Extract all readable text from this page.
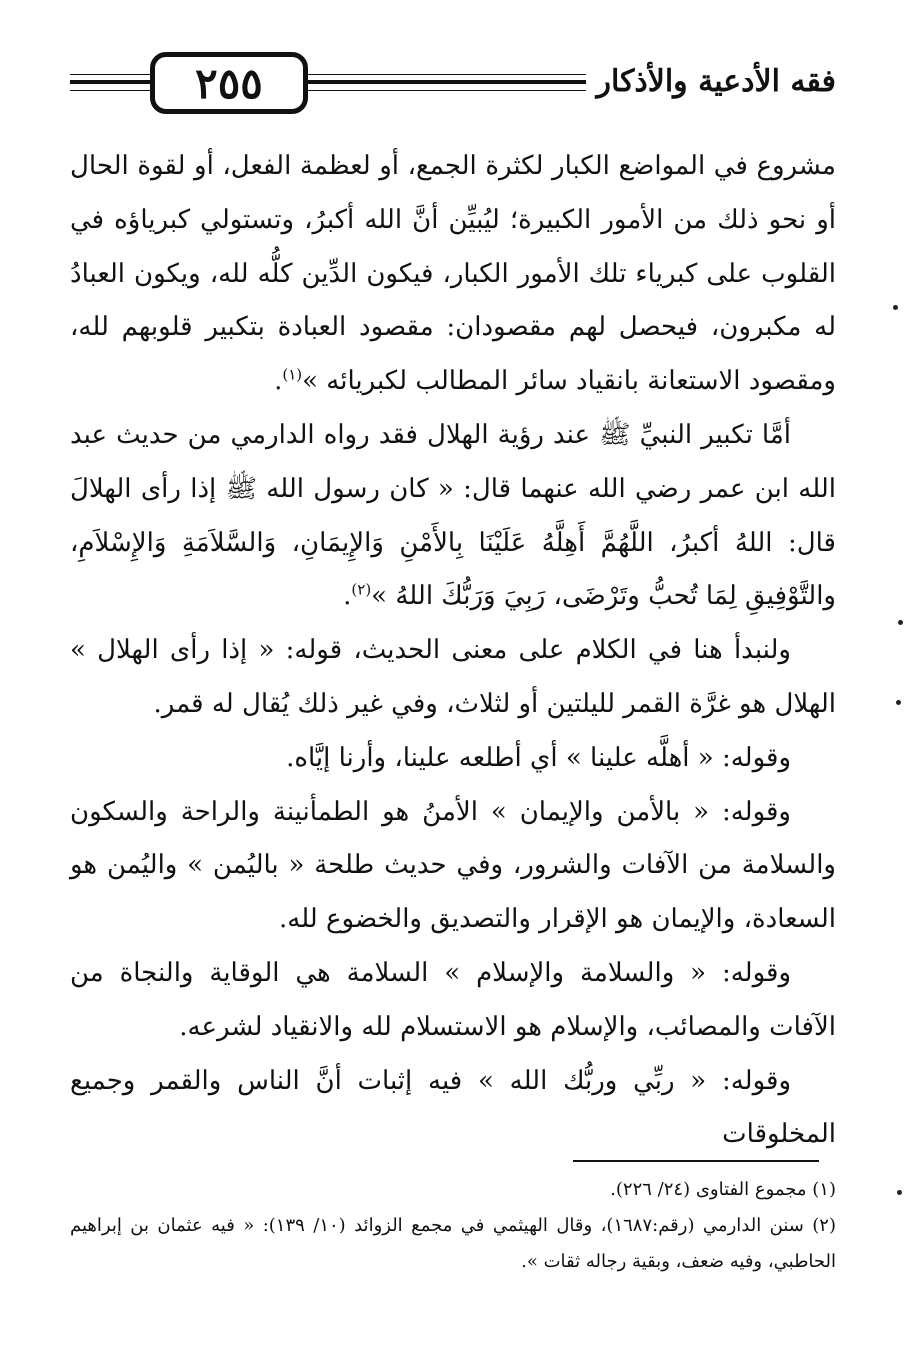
٢٥٥	فقه الأدعية والأذكار

مشروع في المواضع الكبار لكثرة الجمع، أو لعظمة الفعل، أو لقوة الحال أو نحو ذلك من الأمور الكبيرة؛ ليُبيِّن أنَّ الله أكبرُ، وتستولي كبرياؤه في القلوب على كبرياء تلك الأمور الكبار، فيكون الدِّين كلُّه لله، ويكون العبادُ له مكبرون، فيحصل لهم مقصودان: مقصود العبادة بتكبير قلوبهم لله، ومقصود الاستعانة بانقياد سائر المطالب لكبريائه »$^{(١)}$.

أمَّا تكبير النبيِّ ﷺ عند رؤية الهلال فقد رواه الدارمي من حديث عبد الله ابن عمر رضي الله عنهما قال: « كان رسول الله ﷺ إذا رأى الهلالَ قال: اللهُ أكبرُ، اللَّهُمَّ أَهِلَّهُ عَلَيْنَا بِالأَمْنِ وَالإِيمَانِ، وَالسَّلاَمَةِ وَالإِسْلاَمِ، والتَّوْفِيقِ لِمَا تُحبُّ وتَرْضَى، رَبِيَ وَرَبُّكَ اللهُ »$^{(٢)}$.

ولنبدأ هنا في الكلام على معنى الحديث، قوله: « إذا رأى الهلال » الهلال هو غرَّة القمر لليلتين أو لثلاث، وفي غير ذلك يُقال له قمر.

وقوله: « أهلَّه علينا » أي أطلعه علينا، وأرنا إيَّاه.

وقوله: « بالأمن والإيمان » الأمنُ هو الطمأنينة والراحة والسكون والسلامة من الآفات والشرور، وفي حديث طلحة « باليُمن » واليُمن هو السعادة، والإيمان هو الإقرار والتصديق والخضوع لله.

وقوله: « والسلامة والإسلام » السلامة هي الوقاية والنجاة من الآفات والمصائب، والإسلام هو الاستسلام لله والانقياد لشرعه.

وقوله: « ربِّي وربُّك الله » فيه إثبات أنَّ الناس والقمر وجميع المخلوقات

(١) مجموع الفتاوى (٢٤/ ٢٢٦).

(٢) سنن الدارمي (رقم:١٦٨٧)، وقال الهيثمي في مجمع الزوائد (١٠/ ١٣٩): « فيه عثمان بن إبراهيم الحاطبي، وفيه ضعف، وبقية رجاله ثقات ».
